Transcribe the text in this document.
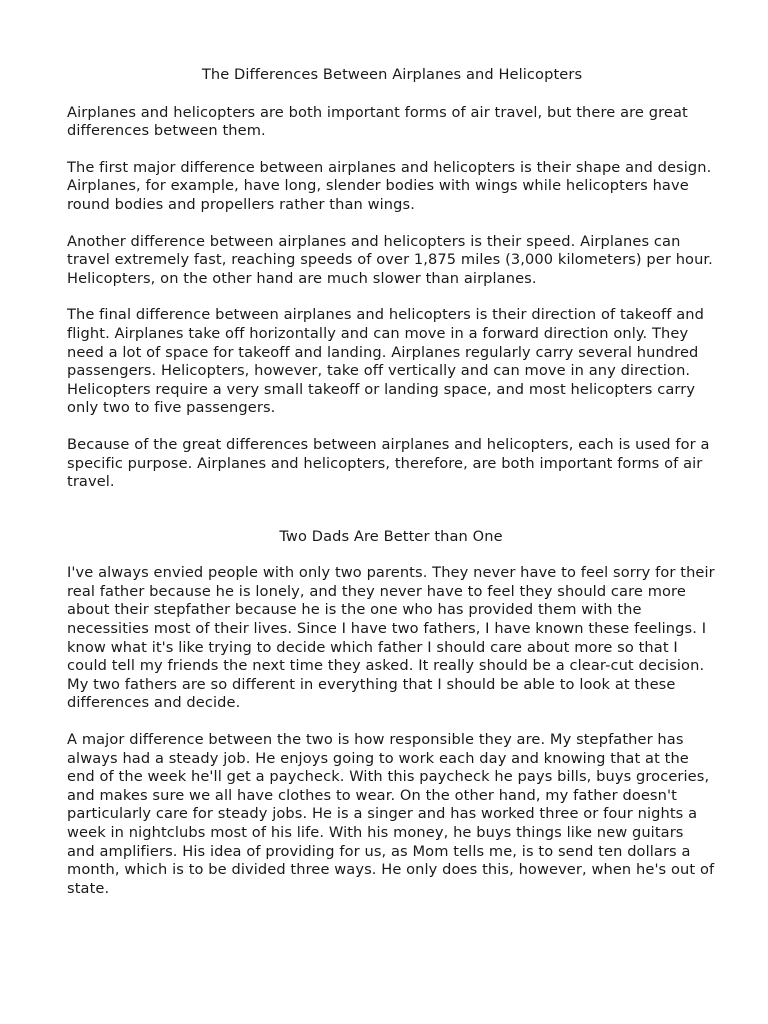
The Differences Between Airplanes and Helicopters

Airplanes and helicopters are both important forms of air travel, but there are great differences between them.

The first major difference between airplanes and helicopters is their shape and design. Airplanes, for example, have long, slender bodies with wings while helicopters have round bodies and propellers rather than wings.

Another difference between airplanes and helicopters is their speed. Airplanes can travel extremely fast, reaching speeds of over 1,875 miles (3,000 kilometers) per hour. Helicopters, on the other hand are much slower than airplanes.

The final difference between airplanes and helicopters is their direction of takeoff and flight. Airplanes take off horizontally and can move in a forward direction only. They need a lot of space for takeoff and landing. Airplanes regularly carry several hundred passengers. Helicopters, however, take off vertically and can move in any direction. Helicopters require a very small takeoff or landing space, and most helicopters carry only two to five passengers.

Because of the great differences between airplanes and helicopters, each is used for a specific purpose. Airplanes and helicopters, therefore, are both important forms of air travel.

Two Dads Are Better than One

I've always envied people with only two parents. They never have to feel sorry for their real father because he is lonely, and they never have to feel they should care more about their stepfather because he is the one who has provided them with the necessities most of their lives. Since I have two fathers, I have known these feelings. I know what it's like trying to decide which father I should care about more so that I could tell my friends the next time they asked. It really should be a clear-cut decision. My two fathers are so different in everything that I should be able to look at these differences and decide.

A major difference between the two is how responsible they are. My stepfather has always had a steady job. He enjoys going to work each day and knowing that at the end of the week he'll get a paycheck. With this paycheck he pays bills, buys groceries, and makes sure we all have clothes to wear. On the other hand, my father doesn't particularly care for steady jobs. He is a singer and has worked three or four nights a week in nightclubs most of his life. With his money, he buys things like new guitars and amplifiers. His idea of providing for us, as Mom tells me, is to send ten dollars a month, which is to be divided three ways. He only does this, however, when he's out of state.
